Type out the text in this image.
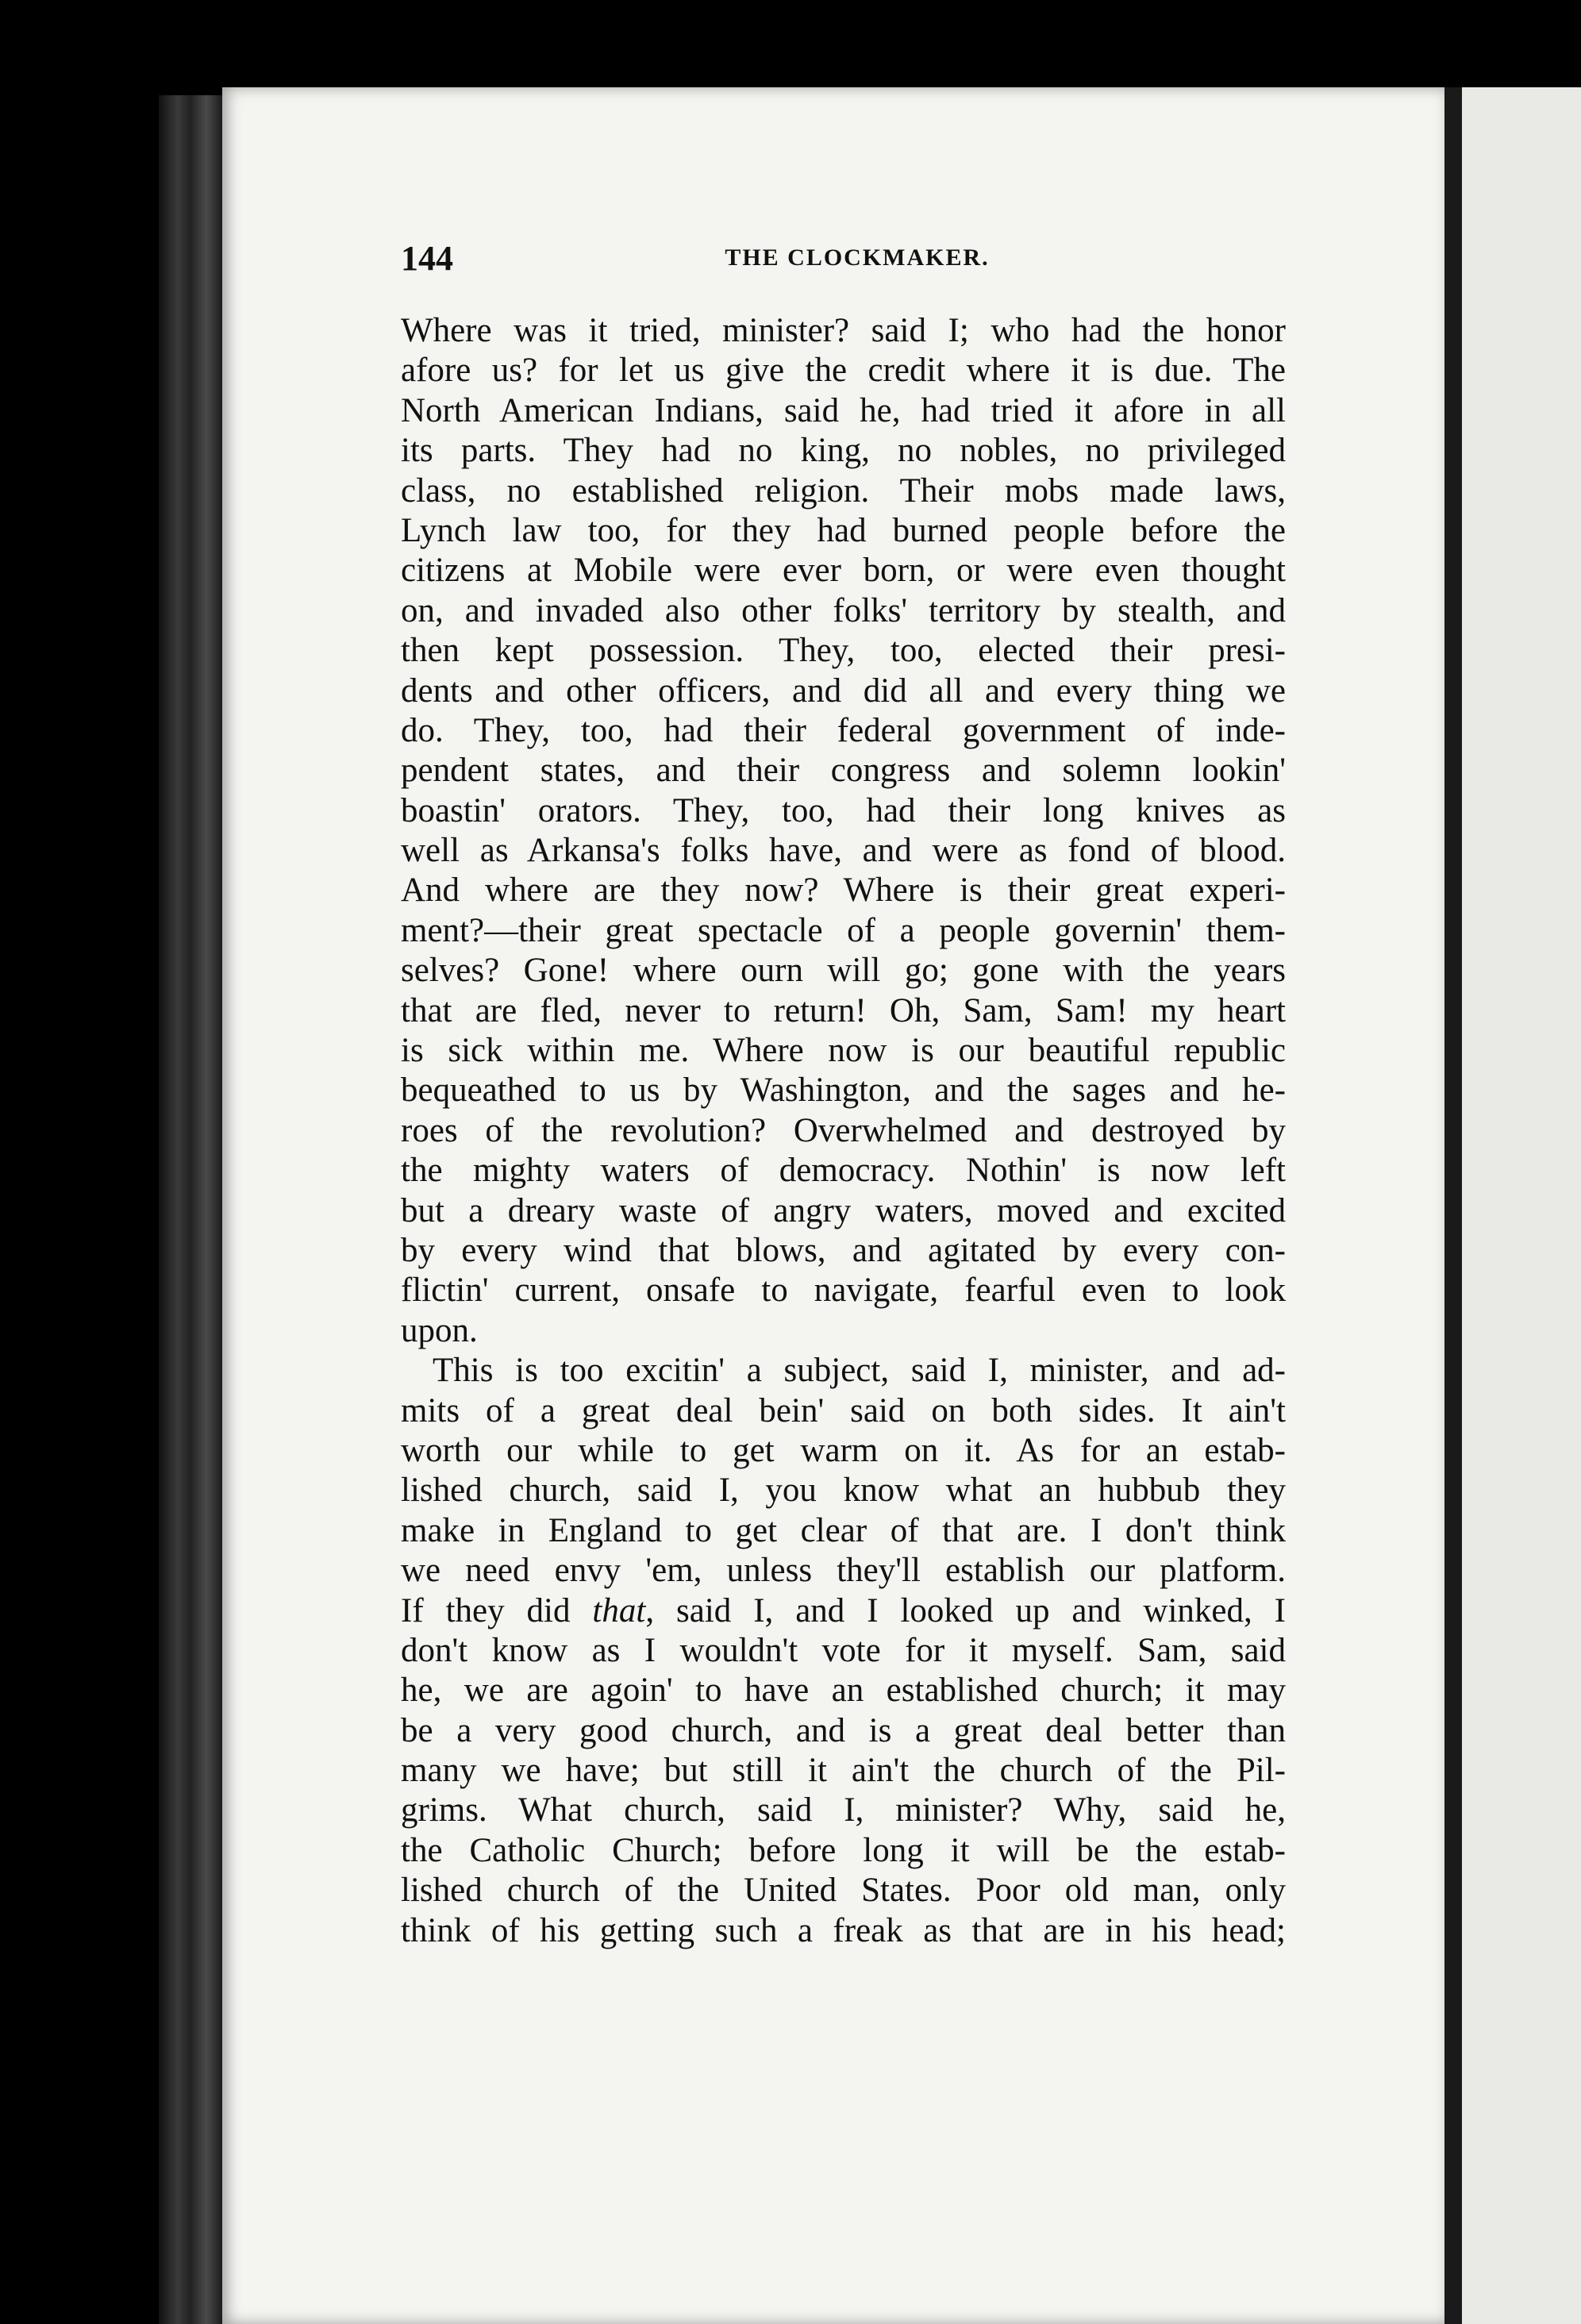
144	THE CLOCKMAKER.
Where was it tried, minister? said I; who had the honor
afore us? for let us give the credit where it is due. The
North American Indians, said he, had tried it afore in all
its parts. They had no king, no nobles, no privileged
class, no established religion. Their mobs made laws,
Lynch law too, for they had burned people before the
citizens at Mobile were ever born, or were even thought
on, and invaded also other folks' territory by stealth, and
then kept possession. They, too, elected their presi-
dents and other officers, and did all and every thing we
do. They, too, had their federal government of inde-
pendent states, and their congress and solemn lookin'
boastin' orators. They, too, had their long knives as
well as Arkansa's folks have, and were as fond of blood.
And where are they now? Where is their great experi-
ment?—their great spectacle of a people governin' them-
selves? Gone! where ourn will go; gone with the years
that are fled, never to return! Oh, Sam, Sam! my heart
is sick within me. Where now is our beautiful republic
bequeathed to us by Washington, and the sages and he-
roes of the revolution? Overwhelmed and destroyed by
the mighty waters of democracy. Nothin' is now left
but a dreary waste of angry waters, moved and excited
by every wind that blows, and agitated by every con-
flictin' current, onsafe to navigate, fearful even to look
upon.
This is too excitin' a subject, said I, minister, and ad-
mits of a great deal bein' said on both sides. It ain't
worth our while to get warm on it. As for an estab-
lished church, said I, you know what an hubbub they
make in England to get clear of that are. I don't think
we need envy 'em, unless they'll establish our platform.
If they did that, said I, and I looked up and winked, I
don't know as I wouldn't vote for it myself. Sam, said
he, we are agoin' to have an established church; it may
be a very good church, and is a great deal better than
many we have; but still it ain't the church of the Pil-
grims. What church, said I, minister? Why, said he,
the Catholic Church; before long it will be the estab-
lished church of the United States. Poor old man, only
think of his getting such a freak as that are in his head;
